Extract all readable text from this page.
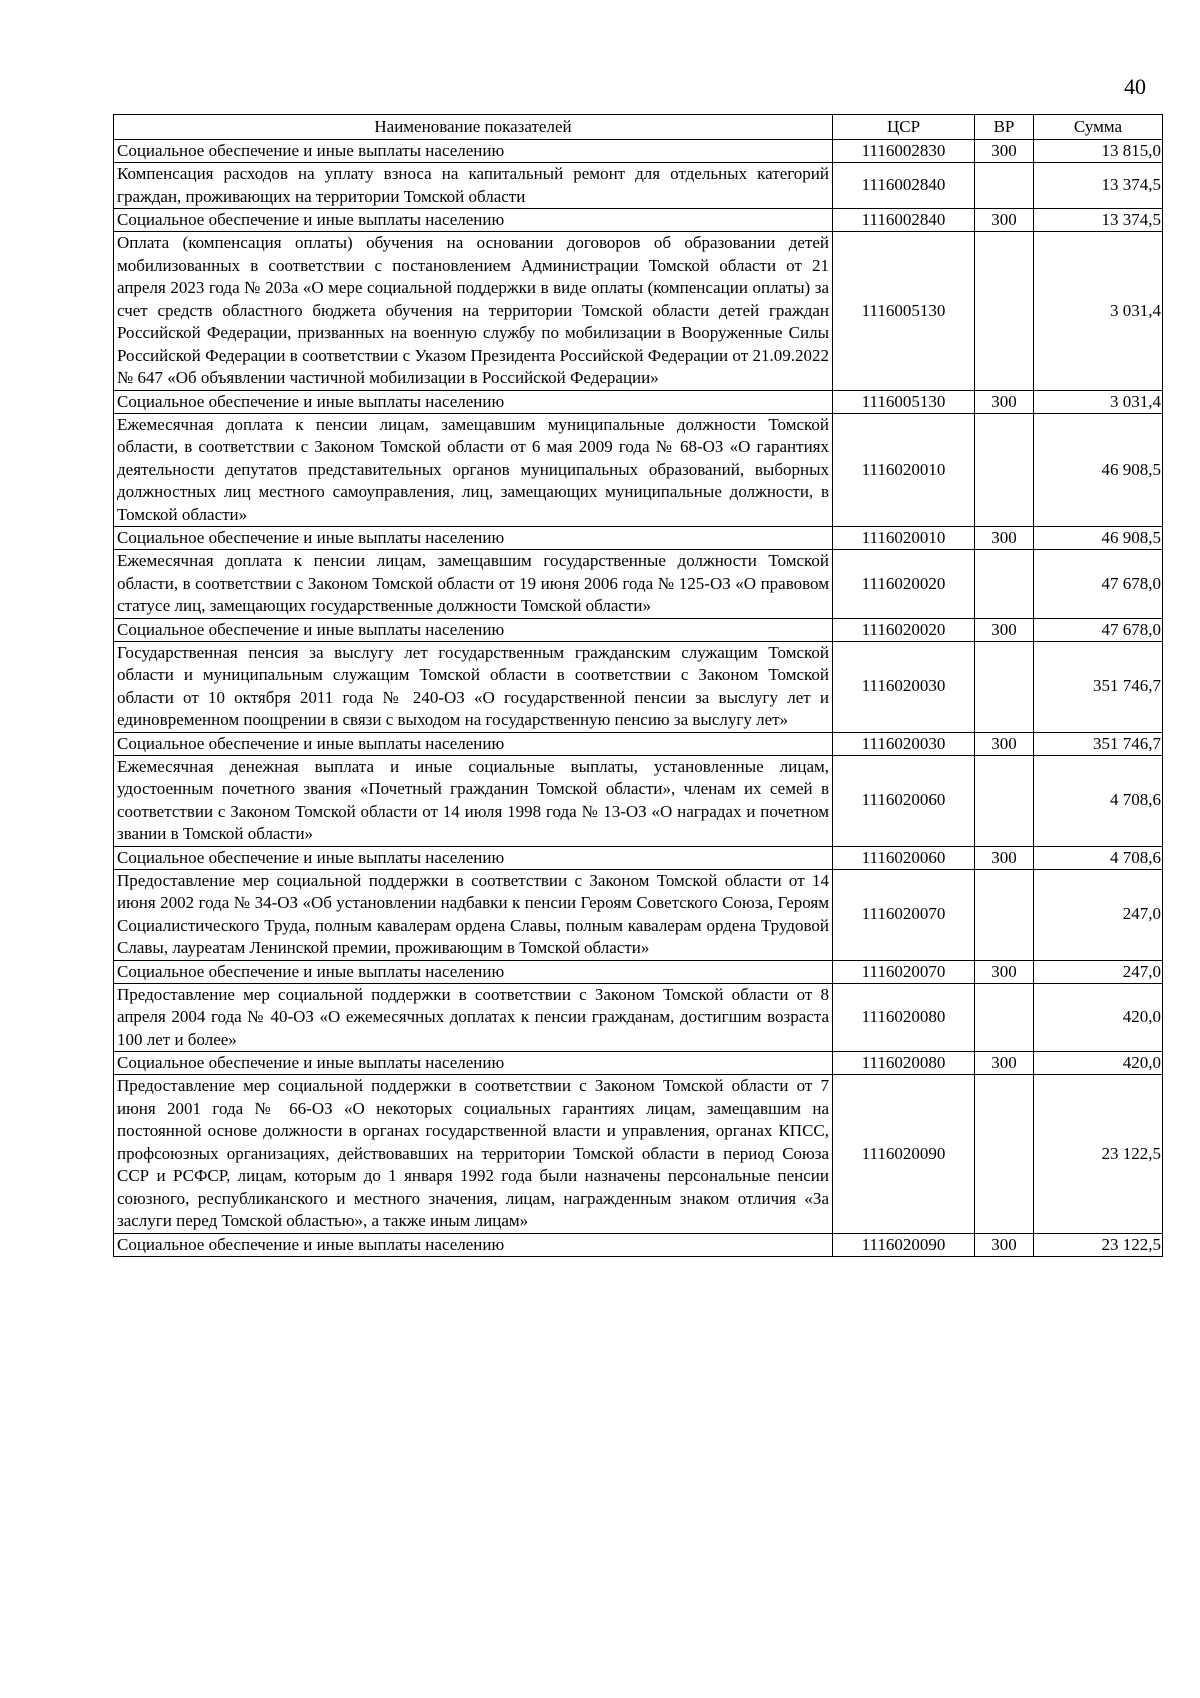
40
Наименование показателей	ЦСР	ВР	Сумма
Социальное обеспечение и иные выплаты населению	1116002830	300	13 815,0
Компенсация расходов на уплату взноса на капитальный ремонт для отдельных категорий граждан, проживающих на территории Томской области	1116002840		13 374,5
Социальное обеспечение и иные выплаты населению	1116002840	300	13 374,5
Оплата (компенсация оплаты) обучения на основании договоров об образовании детей мобилизованных в соответствии с постановлением Администрации Томской области от 21 апреля 2023 года № 203а «О мере социальной поддержки в виде оплаты (компенсации оплаты) за счет средств областного бюджета обучения на территории Томской области детей граждан Российской Федерации, призванных на военную службу по мобилизации в Вооруженные Силы Российской Федерации в соответствии с Указом Президента Российской Федерации от 21.09.2022 № 647 «Об объявлении частичной мобилизации в Российской Федерации»	1116005130		3 031,4
Социальное обеспечение и иные выплаты населению	1116005130	300	3 031,4
Ежемесячная доплата к пенсии лицам, замещавшим муниципальные должности Томской области, в соответствии с Законом Томской области от 6 мая 2009 года № 68-ОЗ «О гарантиях деятельности депутатов представительных органов муниципальных образований, выборных должностных лиц местного самоуправления, лиц, замещающих муниципальные должности, в Томской области»	1116020010		46 908,5
Социальное обеспечение и иные выплаты населению	1116020010	300	46 908,5
Ежемесячная доплата к пенсии лицам, замещавшим государственные должности Томской области, в соответствии с Законом Томской области от 19 июня 2006 года № 125-ОЗ «О правовом статусе лиц, замещающих государственные должности Томской области»	1116020020		47 678,0
Социальное обеспечение и иные выплаты населению	1116020020	300	47 678,0
Государственная пенсия за выслугу лет государственным гражданским служащим Томской области и муниципальным служащим Томской области в соответствии с Законом Томской области от 10 октября 2011 года № 240-ОЗ «О государственной пенсии за выслугу лет и единовременном поощрении в связи с выходом на государственную пенсию за выслугу лет»	1116020030		351 746,7
Социальное обеспечение и иные выплаты населению	1116020030	300	351 746,7
Ежемесячная денежная выплата и иные социальные выплаты, установленные лицам, удостоенным почетного звания «Почетный гражданин Томской области», членам их семей в соответствии с Законом Томской области от 14 июля 1998 года № 13-ОЗ «О наградах и почетном звании в Томской области»	1116020060		4 708,6
Социальное обеспечение и иные выплаты населению	1116020060	300	4 708,6
Предоставление мер социальной поддержки в соответствии с Законом Томской области от 14 июня 2002 года № 34-ОЗ «Об установлении надбавки к пенсии Героям Советского Союза, Героям Социалистического Труда, полным кавалерам ордена Славы, полным кавалерам ордена Трудовой Славы, лауреатам Ленинской премии, проживающим в Томской области»	1116020070		247,0
Социальное обеспечение и иные выплаты населению	1116020070	300	247,0
Предоставление мер социальной поддержки в соответствии с Законом Томской области от 8 апреля 2004 года № 40-ОЗ «О ежемесячных доплатах к пенсии гражданам, достигшим возраста 100 лет и более»	1116020080		420,0
Социальное обеспечение и иные выплаты населению	1116020080	300	420,0
Предоставление мер социальной поддержки в соответствии с Законом Томской области от 7 июня 2001 года № 66-ОЗ «О некоторых социальных гарантиях лицам, замещавшим на постоянной основе должности в органах государственной власти и управления, органах КПСС, профсоюзных организациях, действовавших на территории Томской области в период Союза ССР и РСФСР, лицам, которым до 1 января 1992 года были назначены персональные пенсии союзного, республиканского и местного значения, лицам, награжденным знаком отличия «За заслуги перед Томской областью», а также иным лицам»	1116020090		23 122,5
Социальное обеспечение и иные выплаты населению	1116020090	300	23 122,5
